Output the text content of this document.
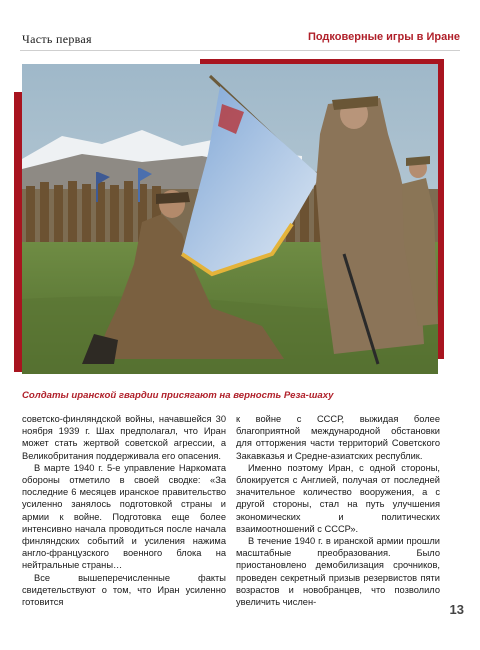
Часть первая	Подковерные игры в Иране
Солдаты иранской гвардии присягают на верность Реза-шаху

советско-финляндской войны, начавшейся 30 ноября 1939 г. Шах предполагал, что Иран может стать жертвой советской агрессии, а Великобритания поддерживала его опасения.

В марте 1940 г. 5-е управление Наркомата обороны отметило в своей сводке: «За последние 6 месяцев иранское правительство усиленно занялось подготовкой страны и армии к войне. Подготовка еще более интенсивно начала проводиться после начала финляндских событий и усиления нажима англо-французского военного блока на нейтральные страны…

Все вышеперечисленные факты свидетельствуют о том, что Иран усиленно готовится

к войне с СССР, выжидая более благоприятной международной обстановки для отторжения части территорий Советского Закавказья и Средне-азиатских республик.

Именно поэтому Иран, с одной стороны, блокируется с Англией, получая от последней значительное количество вооружения, а с другой стороны, стал на путь улучшения экономических и политических взаимоотношений с СССР».

В течение 1940 г. в иранской армии прошли масштабные преобразования. Было приостановлено демобилизация срочников, проведен секретный призыв резервистов пяти возрастов и новобранцев, что позволило увеличить числен-	13
